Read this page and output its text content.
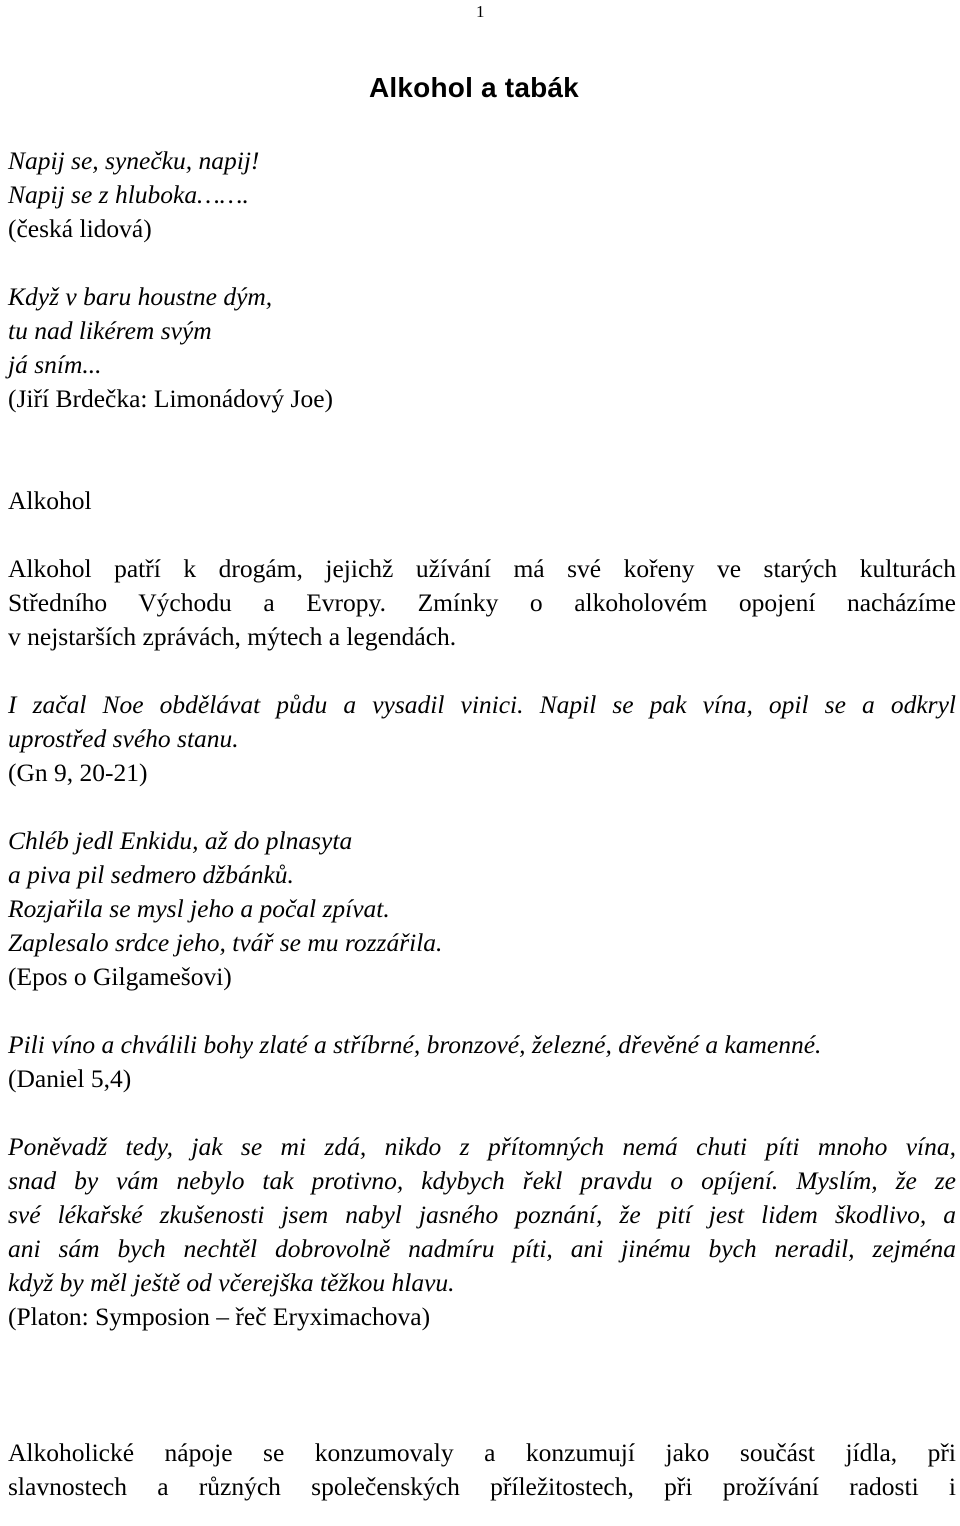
1
Alkohol a tabák
Napij se, synečku, napij!
Napij se z hluboka…….
(česká lidová)
Když v baru houstne dým,
tu nad likérem svým
já sním...
(Jiří Brdečka: Limonádový Joe)
Alkohol
Alkohol patří k drogám, jejichž užívání má své kořeny ve starých kulturách
Středního Východu a Evropy. Zmínky o alkoholovém opojení nacházíme
v nejstarších zprávách, mýtech a legendách.
I začal Noe obdělávat půdu a vysadil vinici. Napil se pak vína, opil se a odkryl
uprostřed svého stanu.
(Gn 9, 20-21)
Chléb jedl Enkidu, až do plnasyta
a piva pil sedmero džbánků.
Rozjařila se mysl jeho a počal zpívat.
Zaplesalo srdce jeho, tvář se mu rozzářila.
(Epos o Gilgamešovi)
Pili víno a chválili bohy zlaté a stříbrné, bronzové, železné, dřevěné a kamenné.
(Daniel 5,4)
Poněvadž tedy, jak se mi zdá, nikdo z přítomných nemá chuti píti mnoho vína,
snad by vám nebylo tak protivno, kdybych řekl pravdu o opíjení. Myslím, že ze
své lékařské zkušenosti jsem nabyl jasného poznání, že pití jest lidem škodlivo, a
ani sám bych nechtěl dobrovolně nadmíru píti, ani jinému bych neradil, zejména
když by měl ještě od včerejška těžkou hlavu.
(Platon: Symposion – řeč Eryximachova)
Alkoholické nápoje se konzumovaly a konzumují jako součást jídla, při
slavnostech a různých společenských příležitostech, při prožívání radosti i
